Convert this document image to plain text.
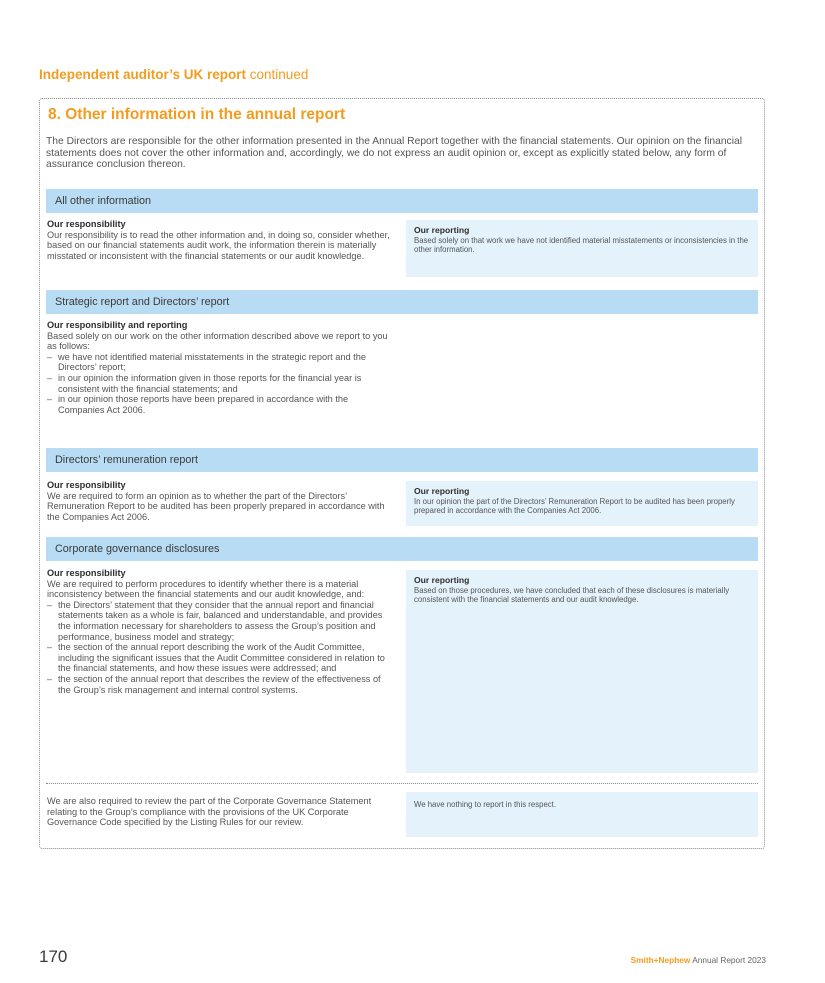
Independent auditor’s UK report continued
8. Other information in the annual report
The Directors are responsible for the other information presented in the Annual Report together with the financial statements. Our opinion on the financial statements does not cover the other information and, accordingly, we do not express an audit opinion or, except as explicitly stated below, any form of assurance conclusion thereon.
All other information
Our responsibility
Our responsibility is to read the other information and, in doing so, consider whether, based on our financial statements audit work, the information therein is materially misstated or inconsistent with the financial statements or our audit knowledge.
Our reporting
Based solely on that work we have not identified material misstatements or inconsistencies in the other information.
Strategic report and Directors’ report
Our responsibility and reporting
Based solely on our work on the other information described above we report to you as follows:
– we have not identified material misstatements in the strategic report and the Directors’ report;
– in our opinion the information given in those reports for the financial year is consistent with the financial statements; and
– in our opinion those reports have been prepared in accordance with the Companies Act 2006.
Directors’ remuneration report
Our responsibility
We are required to form an opinion as to whether the part of the Directors’ Remuneration Report to be audited has been properly prepared in accordance with the Companies Act 2006.
Our reporting
In our opinion the part of the Directors’ Remuneration Report to be audited has been properly prepared in accordance with the Companies Act 2006.
Corporate governance disclosures
Our responsibility
We are required to perform procedures to identify whether there is a material inconsistency between the financial statements and our audit knowledge, and:
– the Directors’ statement that they consider that the annual report and financial statements taken as a whole is fair, balanced and understandable, and provides the information necessary for shareholders to assess the Group’s position and performance, business model and strategy;
– the section of the annual report describing the work of the Audit Committee, including the significant issues that the Audit Committee considered in relation to the financial statements, and how these issues were addressed; and
– the section of the annual report that describes the review of the effectiveness of the Group’s risk management and internal control systems.
Our reporting
Based on those procedures, we have concluded that each of these disclosures is materially consistent with the financial statements and our audit knowledge.
We are also required to review the part of the Corporate Governance Statement relating to the Group’s compliance with the provisions of the UK Corporate Governance Code specified by the Listing Rules for our review.
We have nothing to report in this respect.
170	Smith+Nephew Annual Report 2023
